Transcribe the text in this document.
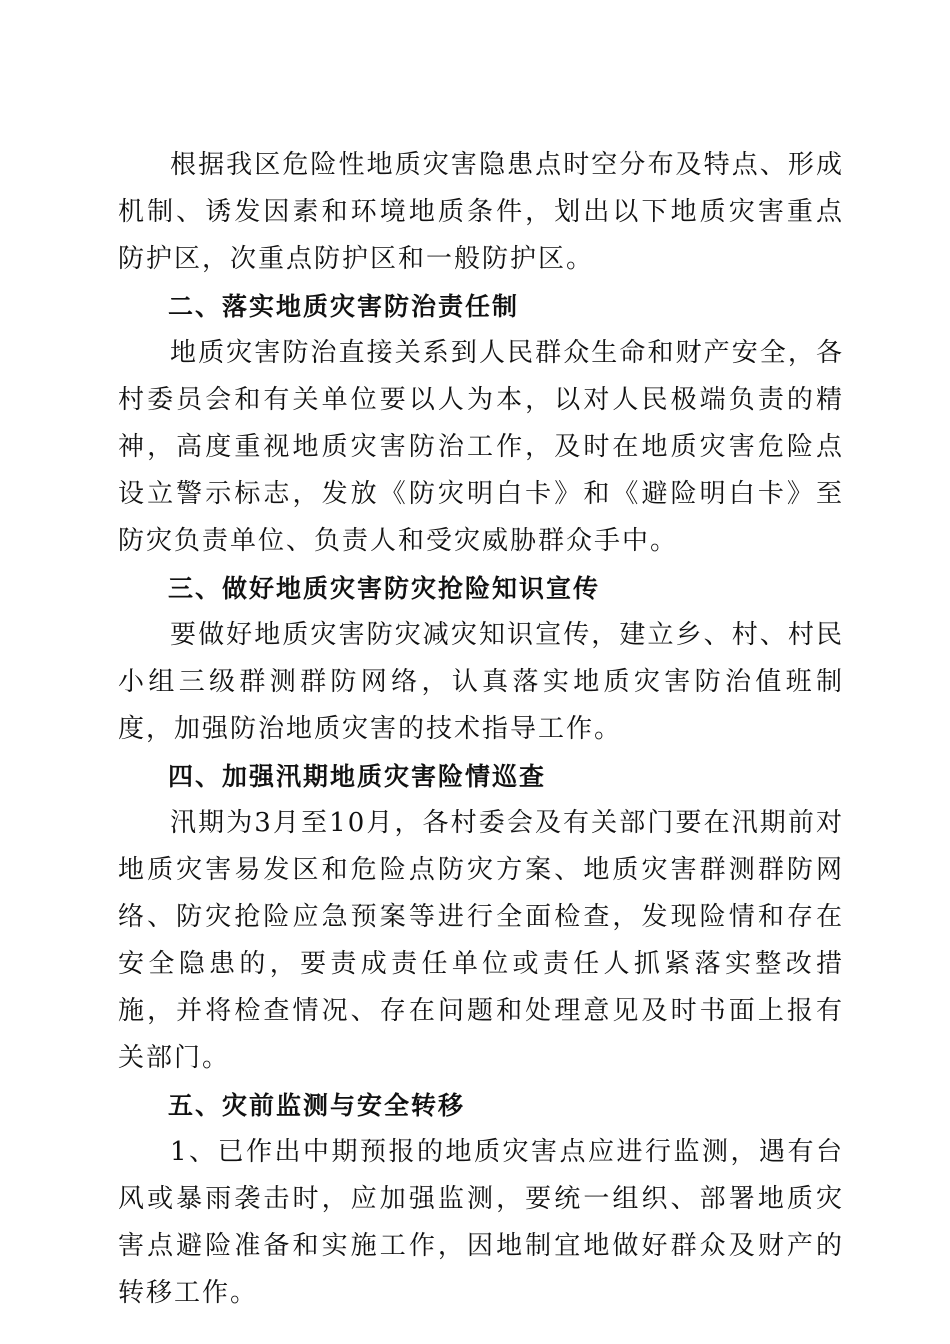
根据我区危险性地质灾害隐患点时空分布及特点、形成机制、诱发因素和环境地质条件，划出以下地质灾害重点防护区，次重点防护区和一般防护区。

二、落实地质灾害防治责任制

地质灾害防治直接关系到人民群众生命和财产安全，各村委员会和有关单位要以人为本，以对人民极端负责的精神，高度重视地质灾害防治工作，及时在地质灾害危险点设立警示标志，发放《防灾明白卡》和《避险明白卡》至防灾负责单位、负责人和受灾威胁群众手中。

三、做好地质灾害防灾抢险知识宣传

要做好地质灾害防灾减灾知识宣传，建立乡、村、村民小组三级群测群防网络，认真落实地质灾害防治值班制度，加强防治地质灾害的技术指导工作。

四、加强汛期地质灾害险情巡查

汛期为3月至10月，各村委会及有关部门要在汛期前对地质灾害易发区和危险点防灾方案、地质灾害群测群防网络、防灾抢险应急预案等进行全面检查，发现险情和存在安全隐患的，要责成责任单位或责任人抓紧落实整改措施，并将检查情况、存在问题和处理意见及时书面上报有关部门。

五、灾前监测与安全转移

1、已作出中期预报的地质灾害点应进行监测，遇有台风或暴雨袭击时，应加强监测，要统一组织、部署地质灾害点避险准备和实施工作，因地制宜地做好群众及财产的转移工作。
